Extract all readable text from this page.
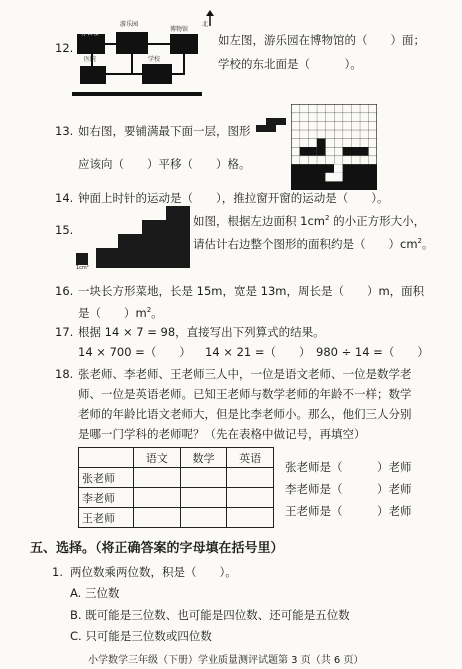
12.
办公楼
游乐园
博物馆
北
医院	学校
如左图，游乐园在博物馆的（　　）面；
学校的东北面是（　　　）。
13. 如右图，要铺满最下面一层，图形
应该向（　　）平移（　　）格。
14. 钟面上时针的运动是（　　），推拉窗开窗的运动是（　　）。
15.
1cm²
如图，根据左边面积 $1cm^2$ 的小正方形大小，
请估计右边整个图形的面积约是（　　）$cm^2$。
16. 一块长方形菜地，长是 15m，宽是 13m，周长是（　　）m，面积
是（　　）$m^2$。
17. 根据 14 × 7 = 98，直接写出下列算式的结果。
14 × 700 =（　　） 14 × 21 =（　　） 980 ÷ 14 =（　　）
18. 张老师、李老师、王老师三人中，一位是语文老师、一位是数学老
师、一位是英语老师。已知王老师与数学老师的年龄不一样；数学
老师的年龄比语文老师大，但是比李老师小。那么，他们三人分别
是哪一门学科的老师呢？（先在表格中做记号，再填空）
	语文	数学	英语
张老师			
李老师			
王老师			
张老师是（　　　）老师
李老师是（　　　）老师
王老师是（　　　）老师
五、选择。（将正确答案的字母填在括号里）
1. 两位数乘两位数，积是（　　）。
A. 三位数
B. 既可能是三位数、也可能是四位数、还可能是五位数
C. 只可能是三位数或四位数
小学数学三年级（下册）学业质量测评试题第 3 页（共 6 页）
